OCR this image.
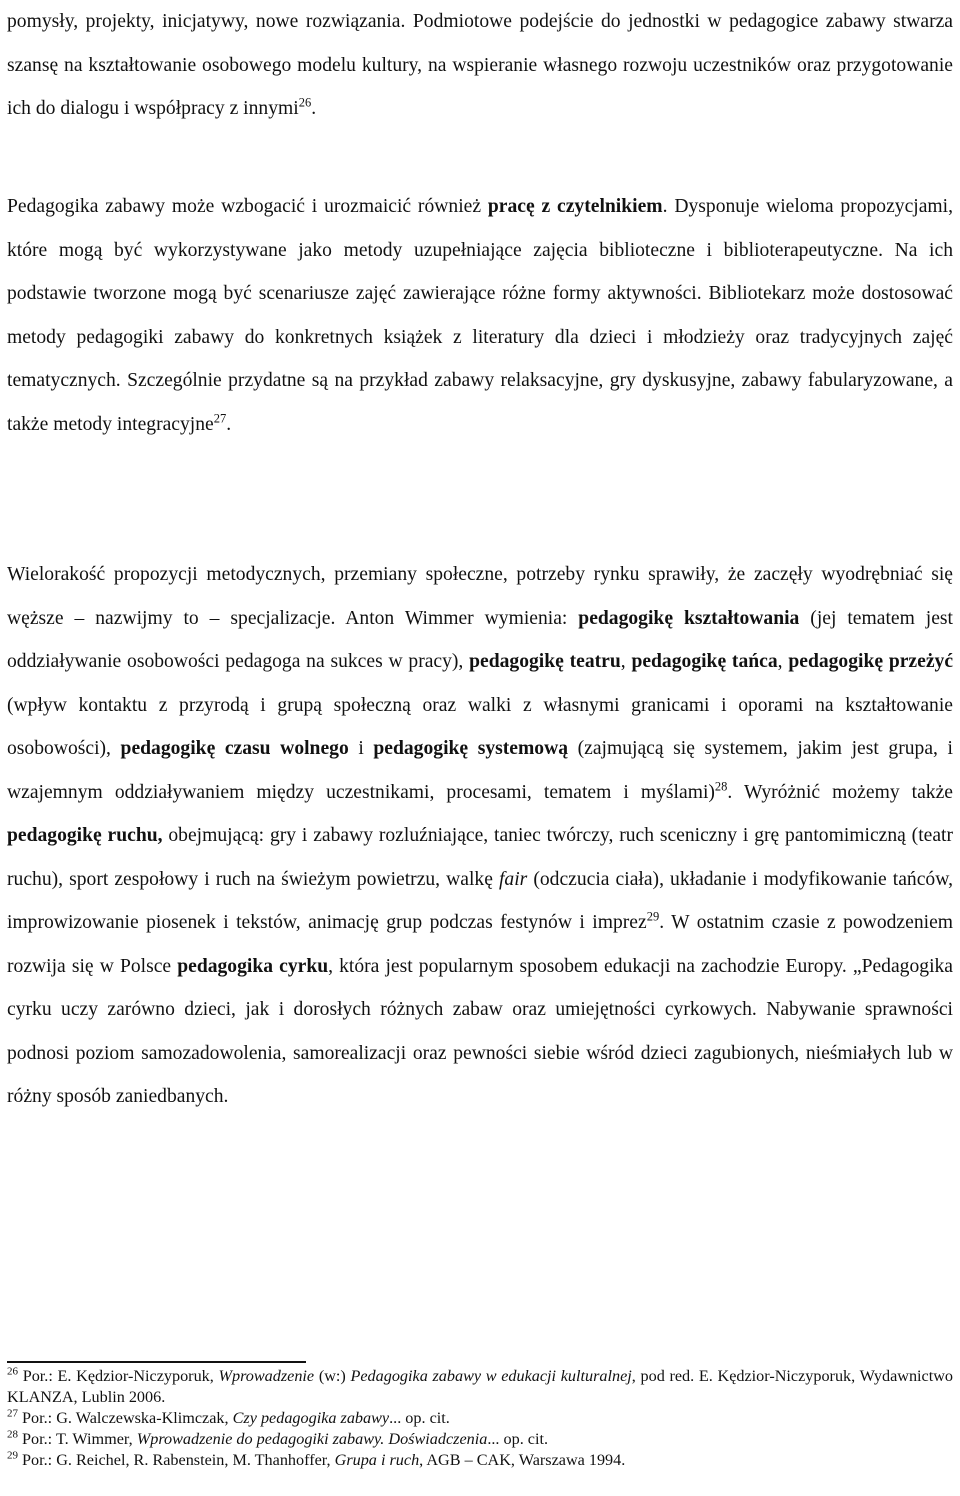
pomysły, projekty, inicjatywy, nowe rozwiązania. Podmiotowe podejście do jednostki w pedagogice zabawy stwarza szansę na kształtowanie osobowego modelu kultury, na wspieranie własnego rozwoju uczestników oraz przygotowanie ich do dialogu i współpracy z innymi$^{26}$.

Pedagogika zabawy może wzbogacić i urozmaicić również pracę z czytelnikiem. Dysponuje wieloma propozycjami, które mogą być wykorzystywane jako metody uzupełniające zajęcia biblioteczne i biblioterapeutyczne. Na ich podstawie tworzone mogą być scenariusze zajęć zawierające różne formy aktywności. Bibliotekarz może dostosować metody pedagogiki zabawy do konkretnych książek z literatury dla dzieci i młodzieży oraz tradycyjnych zajęć tematycznych. Szczególnie przydatne są na przykład zabawy relaksacyjne, gry dyskusyjne, zabawy fabularyzowane, a także metody integracyjne$^{27}$.

Wielorakość propozycji metodycznych, przemiany społeczne, potrzeby rynku sprawiły, że zaczęły wyodrębniać się węższe – nazwijmy to – specjalizacje. Anton Wimmer wymienia: pedagogikę kształtowania (jej tematem jest oddziaływanie osobowości pedagoga na sukces w pracy), pedagogikę teatru, pedagogikę tańca, pedagogikę przeżyć (wpływ kontaktu z przyrodą i grupą społeczną oraz walki z własnymi granicami i oporami na kształtowanie osobowości), pedagogikę czasu wolnego i pedagogikę systemową (zajmującą się systemem, jakim jest grupa, i wzajemnym oddziaływaniem między uczestnikami, procesami, tematem i myślami)$^{28}$. Wyróżnić możemy także pedagogikę ruchu, obejmującą: gry i zabawy rozluźniające, taniec twórczy, ruch sceniczny i grę pantomimiczną (teatr ruchu), sport zespołowy i ruch na świeżym powietrzu, walkę fair (odczucia ciała), układanie i modyfikowanie tańców, improwizowanie piosenek i tekstów, animację grup podczas festynów i imprez$^{29}$. W ostatnim czasie z powodzeniem rozwija się w Polsce pedagogika cyrku, która jest popularnym sposobem edukacji na zachodzie Europy. „Pedagogika cyrku uczy zarówno dzieci, jak i dorosłych różnych zabaw oraz umiejętności cyrkowych. Nabywanie sprawności podnosi poziom samozadowolenia, samorealizacji oraz pewności siebie wśród dzieci zagubionych, nieśmiałych lub w różny sposób zaniedbanych.

$^{26}$ Por.: E. Kędzior-Niczyporuk, Wprowadzenie (w:) Pedagogika zabawy w edukacji kulturalnej, pod red. E. Kędzior-Niczyporuk, Wydawnictwo KLANZA, Lublin 2006.

$^{27}$ Por.: G. Walczewska-Klimczak, Czy pedagogika zabawy... op. cit.

$^{28}$ Por.: T. Wimmer, Wprowadzenie do pedagogiki zabawy. Doświadczenia... op. cit.

$^{29}$ Por.: G. Reichel, R. Rabenstein, M. Thanhoffer, Grupa i ruch, AGB – CAK, Warszawa 1994.
